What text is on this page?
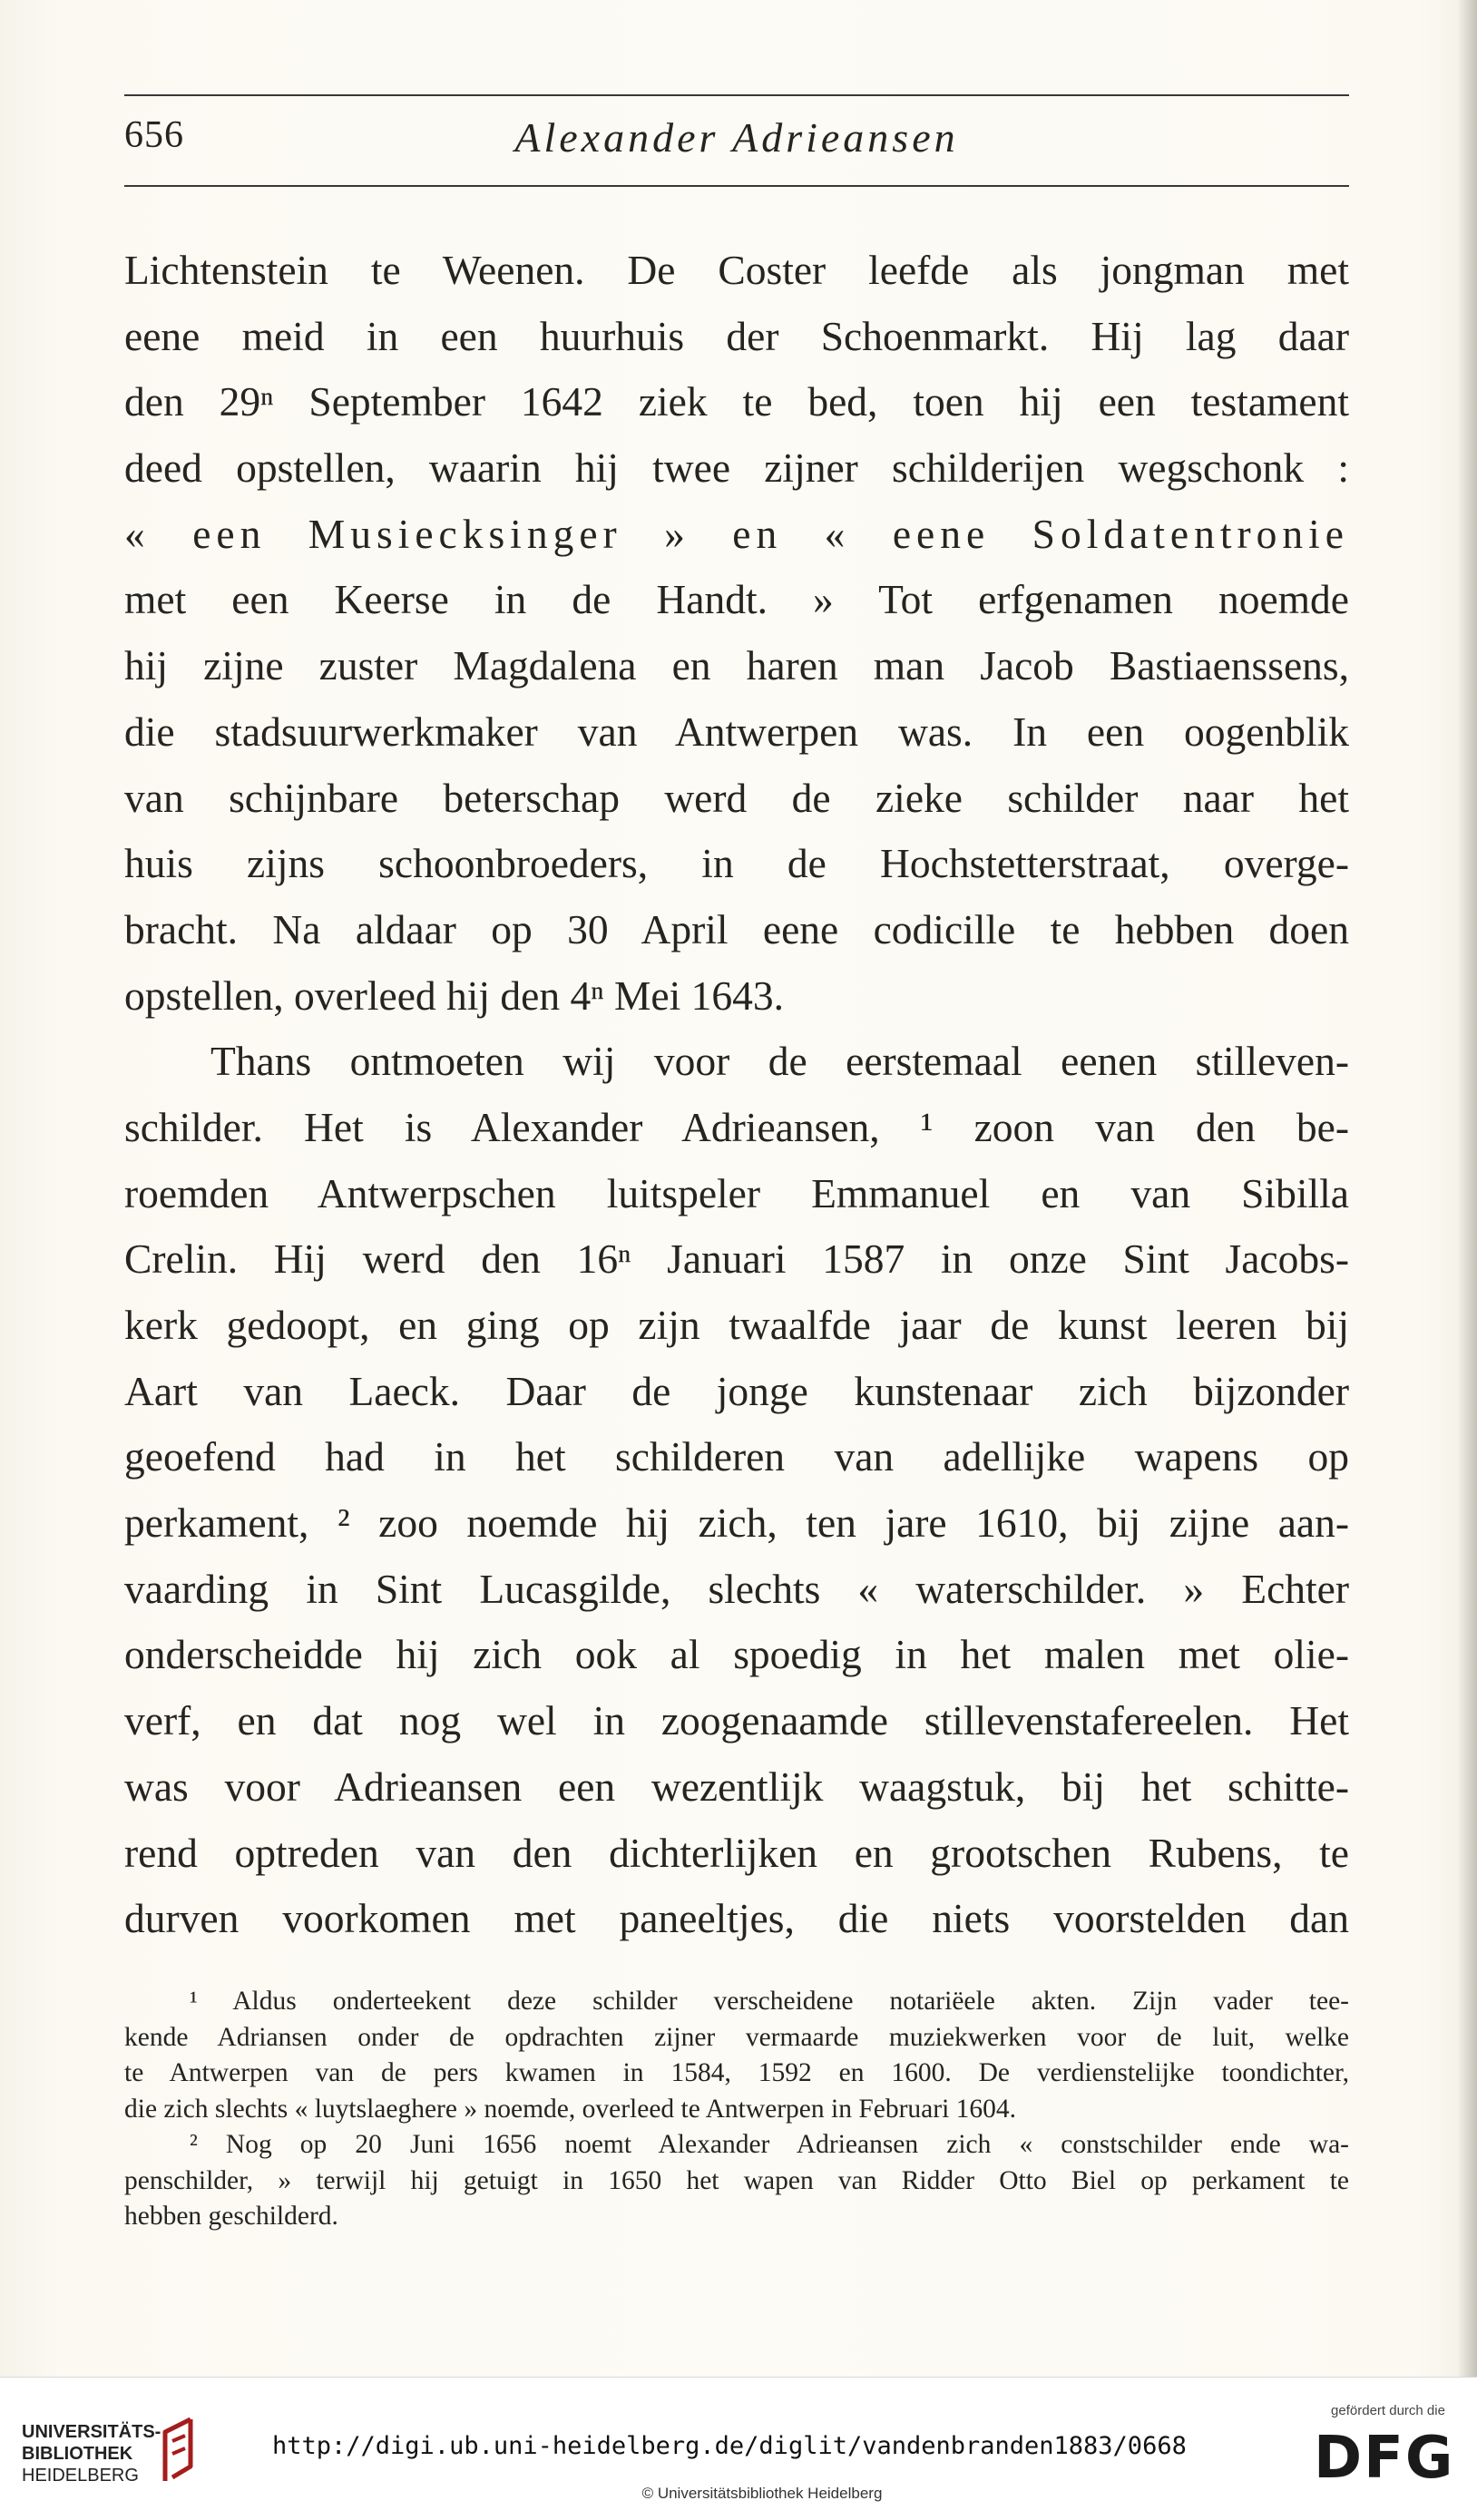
656	Alexander Adrieansen
Lichtenstein te Weenen. De Coster leefde als jongman met
eene meid in een huurhuis der Schoenmarkt. Hij lag daar
den 29ⁿ September 1642 ziek te bed, toen hij een testament
deed opstellen, waarin hij twee zijner schilderijen wegschonk :
« een Musiecksinger » en « eene Soldatentronie
met een Keerse in de Handt. » Tot erfgenamen noemde
hij zijne zuster Magdalena en haren man Jacob Bastiaenssens,
die stadsuurwerkmaker van Antwerpen was. In een oogenblik
van schijnbare beterschap werd de zieke schilder naar het
huis zijns schoonbroeders, in de Hochstetterstraat, overge-
bracht. Na aldaar op 30 April eene codicille te hebben doen
opstellen, overleed hij den 4ⁿ Mei 1643.
Thans ontmoeten wij voor de eerstemaal eenen stilleven-
schilder. Het is Alexander Adrieansen, ¹ zoon van den be-
roemden Antwerpschen luitspeler Emmanuel en van Sibilla
Crelin. Hij werd den 16ⁿ Januari 1587 in onze Sint Jacobs-
kerk gedoopt, en ging op zijn twaalfde jaar de kunst leeren bij
Aart van Laeck. Daar de jonge kunstenaar zich bijzonder
geoefend had in het schilderen van adellijke wapens op
perkament, ² zoo noemde hij zich, ten jare 1610, bij zijne aan-
vaarding in Sint Lucasgilde, slechts « waterschilder. » Echter
onderscheidde hij zich ook al spoedig in het malen met olie-
verf, en dat nog wel in zoogenaamde stillevenstafereelen. Het
was voor Adrieansen een wezentlijk waagstuk, bij het schitte-
rend optreden van den dichterlijken en grootschen Rubens, te
durven voorkomen met paneeltjes, die niets voorstelden dan
¹ Aldus onderteekent deze schilder verscheidene notariëele akten. Zijn vader tee-
kende Adriansen onder de opdrachten zijner vermaarde muziekwerken voor de luit, welke
te Antwerpen van de pers kwamen in 1584, 1592 en 1600. De verdienstelijke toondichter,
die zich slechts « luytslaeghere » noemde, overleed te Antwerpen in Februari 1604.
² Nog op 20 Juni 1656 noemt Alexander Adrieansen zich « constschilder ende wa-
penschilder, » terwijl hij getuigt in 1650 het wapen van Ridder Otto Biel op perkament te
hebben geschilderd.
UNIVERSITÄTS-
BIBLIOTHEK
HEIDELBERG
http://digi.ub.uni-heidelberg.de/diglit/vandenbranden1883/0668
© Universitätsbibliothek Heidelberg
gefördert durch die
DFG
